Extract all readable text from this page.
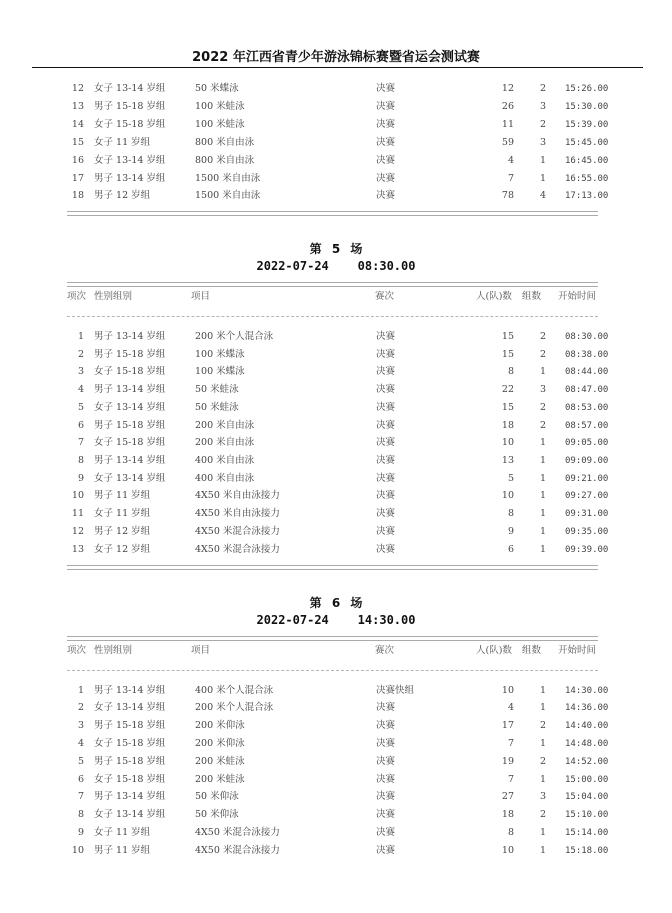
2022 年江西省青少年游泳锦标赛暨省运会测试赛
12 女子 13-14 岁组	50 米蝶泳	决赛	12	2 15:26.00
13 男子 15-18 岁组	100 米蛙泳	决赛	26	3 15:30.00
14 女子 15-18 岁组	100 米蛙泳	决赛	11	2 15:39.00
15 女子 11 岁组	800 米自由泳	决赛	59	3 15:45.00
16 女子 13-14 岁组	800 米自由泳	决赛	4	1 16:45.00
17 男子 13-14 岁组	1500 米自由泳	决赛	7	1 16:55.00
18 男子 12 岁组	1500 米自由泳	决赛	78	4 17:13.00
第 5 场
2022-07-24 08:30.00
项次 性别组别	项目	赛次	人(队)数 组数 开始时间
1 男子 13-14 岁组	200 米个人混合泳	决赛	15	2 08:30.00
2 男子 15-18 岁组	100 米蝶泳	决赛	15	2 08:38.00
3 女子 15-18 岁组	100 米蝶泳	决赛	8	1 08:44.00
4 男子 13-14 岁组	50 米蛙泳	决赛	22	3 08:47.00
5 女子 13-14 岁组	50 米蛙泳	决赛	15	2 08:53.00
6 男子 15-18 岁组	200 米自由泳	决赛	18	2 08:57.00
7 女子 15-18 岁组	200 米自由泳	决赛	10	1 09:05.00
8 男子 13-14 岁组	400 米自由泳	决赛	13	1 09:09.00
9 女子 13-14 岁组	400 米自由泳	决赛	5	1 09:21.00
10 男子 11 岁组	4X50 米自由泳接力	决赛	10	1 09:27.00
11 女子 11 岁组	4X50 米自由泳接力	决赛	8	1 09:31.00
12 男子 12 岁组	4X50 米混合泳接力	决赛	9	1 09:35.00
13 女子 12 岁组	4X50 米混合泳接力	决赛	6	1 09:39.00
第 6 场
2022-07-24 14:30.00
项次 性别组别	项目	赛次	人(队)数 组数 开始时间
1 男子 13-14 岁组	400 米个人混合泳	决赛快组	10	1 14:30.00
2 女子 13-14 岁组	200 米个人混合泳	决赛	4	1 14:36.00
3 男子 15-18 岁组	200 米仰泳	决赛	17	2 14:40.00
4 女子 15-18 岁组	200 米仰泳	决赛	7	1 14:48.00
5 男子 15-18 岁组	200 米蛙泳	决赛	19	2 14:52.00
6 女子 15-18 岁组	200 米蛙泳	决赛	7	1 15:00.00
7 男子 13-14 岁组	50 米仰泳	决赛	27	3 15:04.00
8 女子 13-14 岁组	50 米仰泳	决赛	18	2 15:10.00
9 女子 11 岁组	4X50 米混合泳接力	决赛	8	1 15:14.00
10 男子 11 岁组	4X50 米混合泳接力	决赛	10	1 15:18.00
